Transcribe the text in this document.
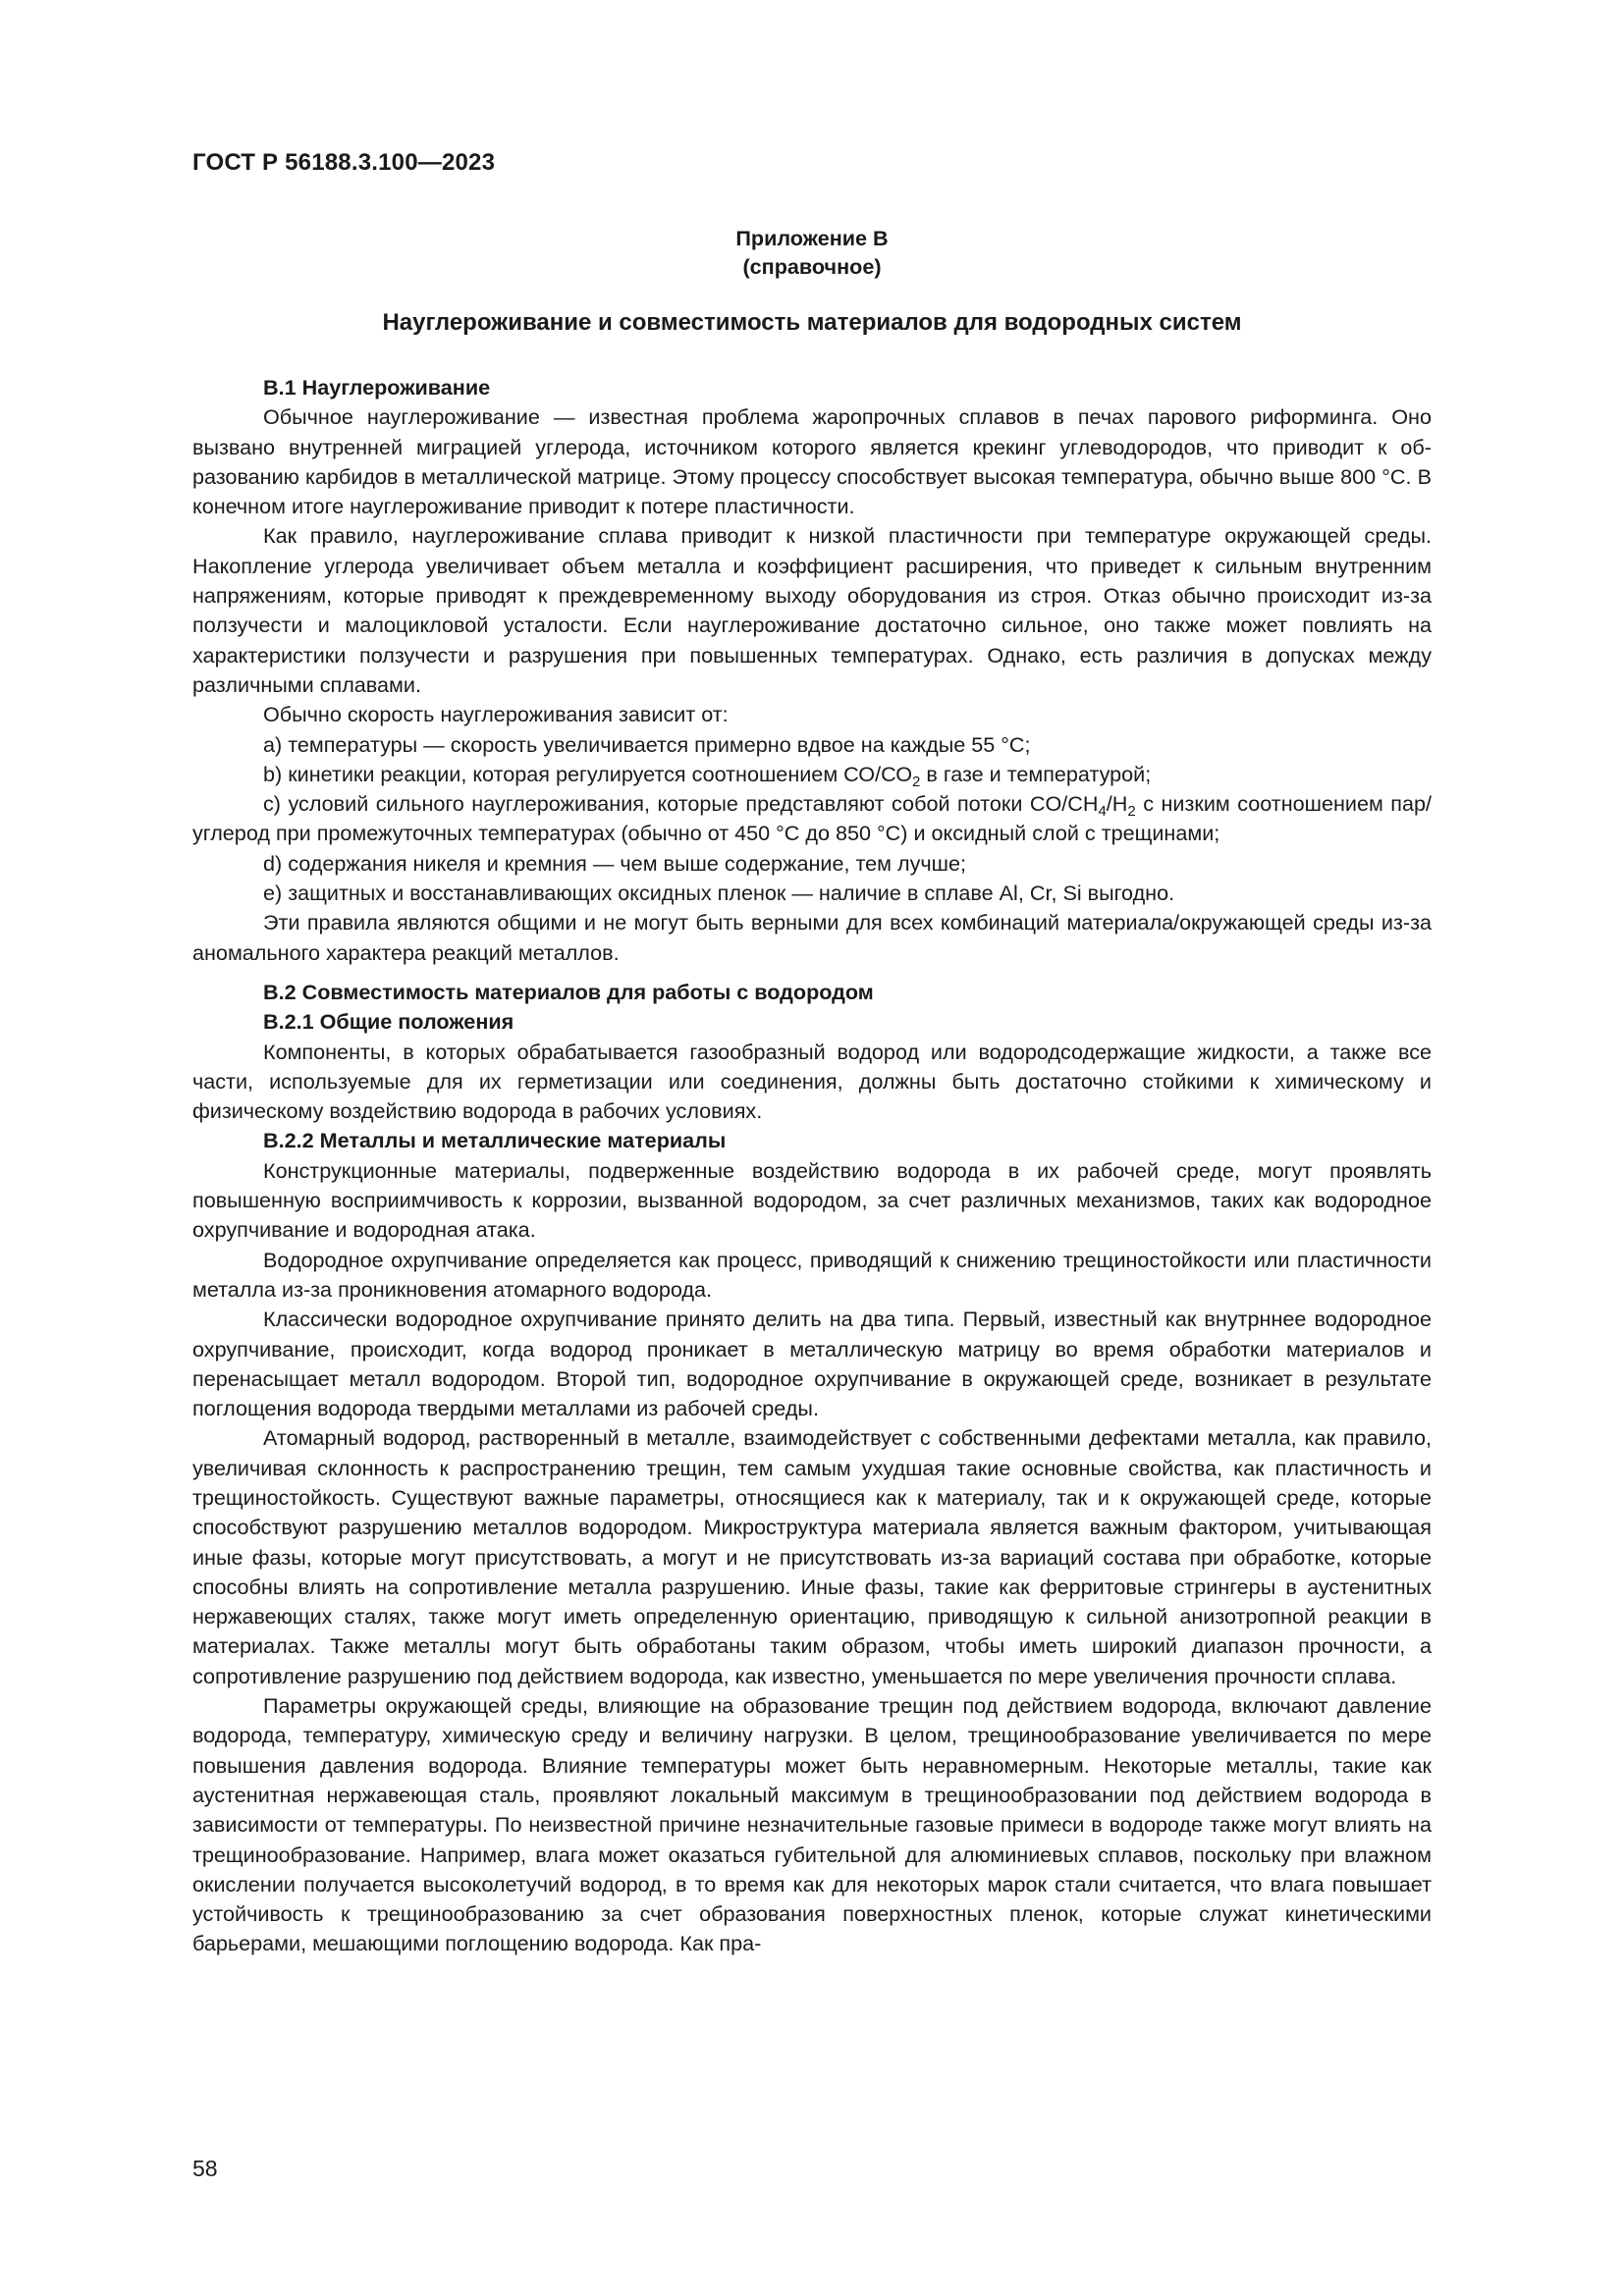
ГОСТ Р 56188.3.100—2023
Приложение В
(справочное)
Науглероживание и совместимость материалов для водородных систем
В.1 Науглероживание

Обычное науглероживание — известная проблема жаропрочных сплавов в печах парового риформинга. Оно вызвано внутренней миграцией углерода, источником которого является крекинг углеводородов, что приводит к образованию карбидов в металлической матрице. Этому процессу способствует высокая температура, обычно выше 800 °С. В конечном итоге науглероживание приводит к потере пластичности.

Как правило, науглероживание сплава приводит к низкой пластичности при температуре окружающей среды. Накопление углерода увеличивает объем металла и коэффициент расширения, что приведет к сильным внутренним напряжениям, которые приводят к преждевременному выходу оборудования из строя. Отказ обычно происходит из-за ползучести и малоцикловой усталости. Если науглероживание достаточно сильное, оно также может повлиять на характеристики ползучести и разрушения при повышенных температурах. Однако, есть различия в допусках между различными сплавами.

Обычно скорость науглероживания зависит от:

a) температуры — скорость увеличивается примерно вдвое на каждые 55 °С;
b) кинетики реакции, которая регулируется соотношением $СО/СО_2$ в газе и температурой;
с) условий сильного науглероживания, которые представляют собой потоки $CO/CH_4/H_2$ с низким соотношением пар/углерод при промежуточных температурах (обычно от 450 °С до 850 °С) и оксидный слой с трещинами;
d) содержания никеля и кремния — чем выше содержание, тем лучше;
e) защитных и восстанавливающих оксидных пленок — наличие в сплаве Al, Cr, Si выгодно.

Эти правила являются общими и не могут быть верными для всех комбинаций материала/окружающей среды из-за аномального характера реакций металлов.

В.2 Совместимость материалов для работы с водородом
В.2.1 Общие положения

Компоненты, в которых обрабатывается газообразный водород или водородсодержащие жидкости, а также все части, используемые для их герметизации или соединения, должны быть достаточно стойкими к химическому и физическому воздействию водорода в рабочих условиях.

В.2.2 Металлы и металлические материалы

Конструкционные материалы, подверженные воздействию водорода в их рабочей среде, могут проявлять повышенную восприимчивость к коррозии, вызванной водородом, за счет различных механизмов, таких как водородное охрупчивание и водородная атака.

Водородное охрупчивание определяется как процесс, приводящий к снижению трещиностойкости или пластичности металла из-за проникновения атомарного водорода.

Классически водородное охрупчивание принято делить на два типа. Первый, известный как внутрннее водородное охрупчивание, происходит, когда водород проникает в металлическую матрицу во время обработки материалов и перенасыщает металл водородом. Второй тип, водородное охрупчивание в окружающей среде, возникает в результате поглощения водорода твердыми металлами из рабочей среды.

Атомарный водород, растворенный в металле, взаимодействует с собственными дефектами металла, как правило, увеличивая склонность к распространению трещин, тем самым ухудшая такие основные свойства, как пластичность и трещиностойкость. Существуют важные параметры, относящиеся как к материалу, так и к окружающей среде, которые способствуют разрушению металлов водородом. Микроструктура материала является важным фактором, учитывающая иные фазы, которые могут присутствовать, а могут и не присутствовать из-за вариаций состава при обработке, которые способны влиять на сопротивление металла разрушению. Иные фазы, такие как ферритовые стрингеры в аустенитных нержавеющих сталях, также могут иметь определенную ориентацию, приводящую к сильной анизотропной реакции в материалах. Также металлы могут быть обработаны таким образом, чтобы иметь широкий диапазон прочности, а сопротивление разрушению под действием водорода, как известно, уменьшается по мере увеличения прочности сплава.

Параметры окружающей среды, влияющие на образование трещин под действием водорода, включают давление водорода, температуру, химическую среду и величину нагрузки. В целом, трещинообразование увеличивается по мере повышения давления водорода. Влияние температуры может быть неравномерным. Некоторые металлы, такие как аустенитная нержавеющая сталь, проявляют локальный максимум в трещинообразовании под действием водорода в зависимости от температуры. По неизвестной причине незначительные газовые примеси в водороде также могут влиять на трещинообразование. Например, влага может оказаться губительной для алюминиевых сплавов, поскольку при влажном окислении получается высоколетучий водород, в то время как для некоторых марок стали считается, что влага повышает устойчивость к трещинообразованию за счет образования поверхностных пленок, которые служат кинетическими барьерами, мешающими поглощению водорода. Как пра-

58
